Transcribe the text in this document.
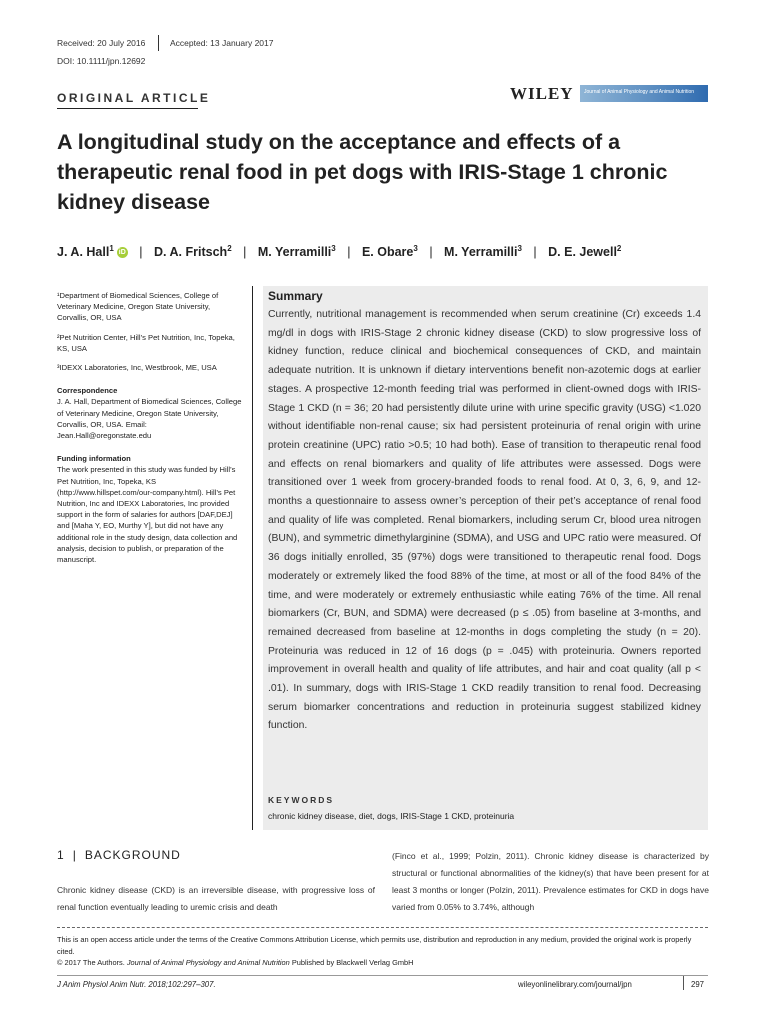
Received: 20 July 2016	Accepted: 13 January 2017
DOI: 10.1111/jpn.12692
ORIGINAL ARTICLE	WILEY Journal of Animal Physiology and Animal Nutrition
A longitudinal study on the acceptance and effects of a therapeutic renal food in pet dogs with IRIS-Stage 1 chronic kidney disease
J. A. Hall$^1$ iD | D. A. Fritsch$^2$ | M. Yerramilli$^3$ | E. Obare$^3$ | M. Yerramilli$^3$ | D. E. Jewell$^2$

¹Department of Biomedical Sciences, College of Veterinary Medicine, Oregon State University, Corvallis, OR, USA

²Pet Nutrition Center, Hill’s Pet Nutrition, Inc, Topeka, KS, USA

³IDEXX Laboratories, Inc, Westbrook, ME, USA

Correspondence
J. A. Hall, Department of Biomedical Sciences, College of Veterinary Medicine, Oregon State University, Corvallis, OR, USA. Email: Jean.Hall@oregonstate.edu

Funding information
The work presented in this study was funded by Hill’s Pet Nutrition, Inc, Topeka, KS (http://www.hillspet.com/our-company.html). Hill’s Pet Nutrition, Inc and IDEXX Laboratories, Inc provided support in the form of salaries for authors [DAF,DEJ] and [Maha Y, EO, Murthy Y], but did not have any additional role in the study design, data collection and analysis, decision to publish, or preparation of the manuscript.

Summary

Currently, nutritional management is recommended when serum creatinine (Cr) exceeds 1.4 mg/dl in dogs with IRIS-Stage 2 chronic kidney disease (CKD) to slow progressive loss of kidney function, reduce clinical and biochemical consequences of CKD, and maintain adequate nutrition. It is unknown if dietary interventions benefit non-azotemic dogs at earlier stages. A prospective 12-month feeding trial was performed in client-owned dogs with IRIS-Stage 1 CKD (n = 36; 20 had persistently dilute urine with urine specific gravity (USG) <1.020 without identifiable non-renal cause; six had persistent proteinuria of renal origin with urine protein creatinine (UPC) ratio >0.5; 10 had both). Ease of transition to therapeutic renal food and effects on renal biomarkers and quality of life attributes were assessed. Dogs were transitioned over 1 week from grocery-branded foods to renal food. At 0, 3, 6, 9, and 12-months a questionnaire to assess owner’s perception of their pet’s acceptance of renal food and quality of life was completed. Renal biomarkers, including serum Cr, blood urea nitrogen (BUN), and symmetric dimethylarginine (SDMA), and USG and UPC ratio were measured. Of 36 dogs initially enrolled, 35 (97%) dogs were transitioned to therapeutic renal food. Dogs moderately or extremely liked the food 88% of the time, at most or all of the food 84% of the time, and were moderately or extremely enthusiastic while eating 76% of the time. All renal biomarkers (Cr, BUN, and SDMA) were decreased (p ≤ .05) from baseline at 3-months, and remained decreased from baseline at 12-months in dogs completing the study (n = 20). Proteinuria was reduced in 12 of 16 dogs (p = .045) with proteinuria. Owners reported improvement in overall health and quality of life attributes, and hair and coat quality (all p < .01). In summary, dogs with IRIS-Stage 1 CKD readily transition to renal food. Decreasing serum biomarker concentrations and reduction in proteinuria suggest stabilized kidney function.

KEYWORDS
chronic kidney disease, diet, dogs, IRIS-Stage 1 CKD, proteinuria
1 | BACKGROUND

Chronic kidney disease (CKD) is an irreversible disease, with progressive loss of renal function eventually leading to uremic crisis and death

(Finco et al., 1999; Polzin, 2011). Chronic kidney disease is characterized by structural or functional abnormalities of the kidney(s) that have been present for at least 3 months or longer (Polzin, 2011). Prevalence estimates for CKD in dogs have varied from 0.05% to 3.74%, although

This is an open access article under the terms of the Creative Commons Attribution License, which permits use, distribution and reproduction in any medium, provided the original work is properly cited.
© 2017 The Authors. Journal of Animal Physiology and Animal Nutrition Published by Blackwell Verlag GmbH
J Anim Physiol Anim Nutr. 2018;102:297–307.	wileyonlinelibrary.com/journal/jpn	297
